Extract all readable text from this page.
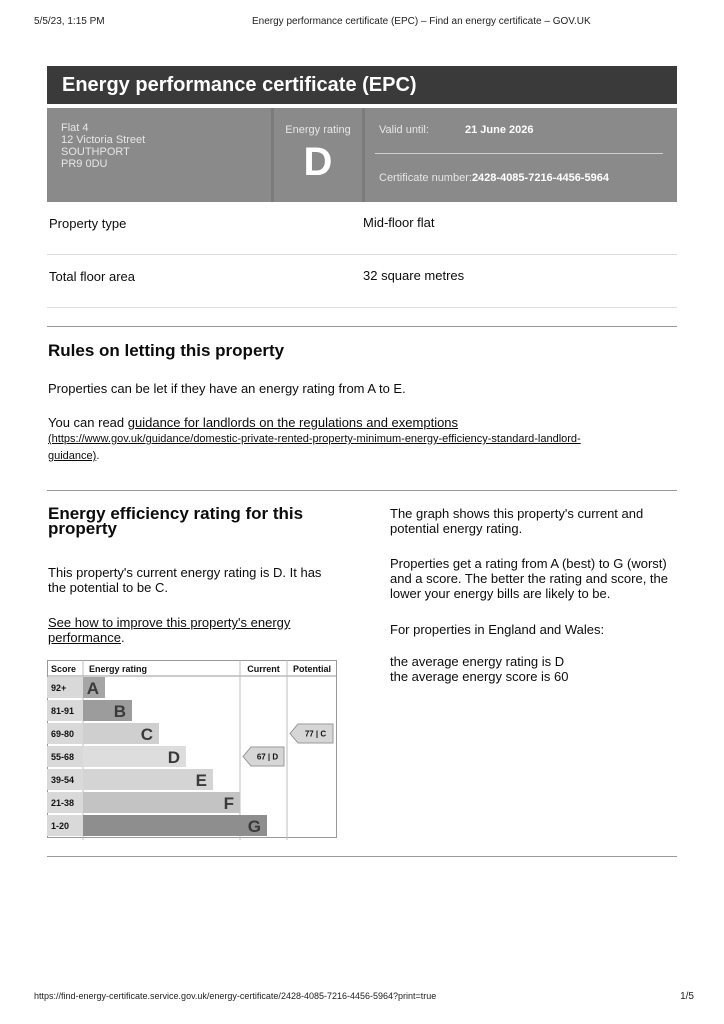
5/5/23, 1:15 PM	Energy performance certificate (EPC) – Find an energy certificate – GOV.UK
Energy performance certificate (EPC)
Flat 4
12 Victoria Street
SOUTHPORT
PR9 0DU
Energy rating
D
Valid until:	21 June 2026
Certificate number:2428-4085-7216-4456-5964
Property type	Mid-floor flat
Total floor area	32 square metres
Rules on letting this property
Properties can be let if they have an energy rating from A to E.
You can read guidance for landlords on the regulations and exemptions
(https://www.gov.uk/guidance/domestic-private-rented-property-minimum-energy-efficiency-standard-landlord-
guidance).
Energy efficiency rating for this
property
This property's current energy rating is D. It has
the potential to be C.
See how to improve this property's energy
performance.
The graph shows this property's current and
potential energy rating.
Properties get a rating from A (best) to G (worst)
and a score. The better the rating and score, the
lower your energy bills are likely to be.
For properties in England and Wales:
the average energy rating is D
the average energy score is 60
Score Energy rating	Current Potential
92+ A
81-91 B
69-80	C
55-68	D
39-54	E
21-38	F
1-20	G
67 | D
77 | C
https://find-energy-certificate.service.gov.uk/energy-certificate/2428-4085-7216-4456-5964?print=true	1/5
